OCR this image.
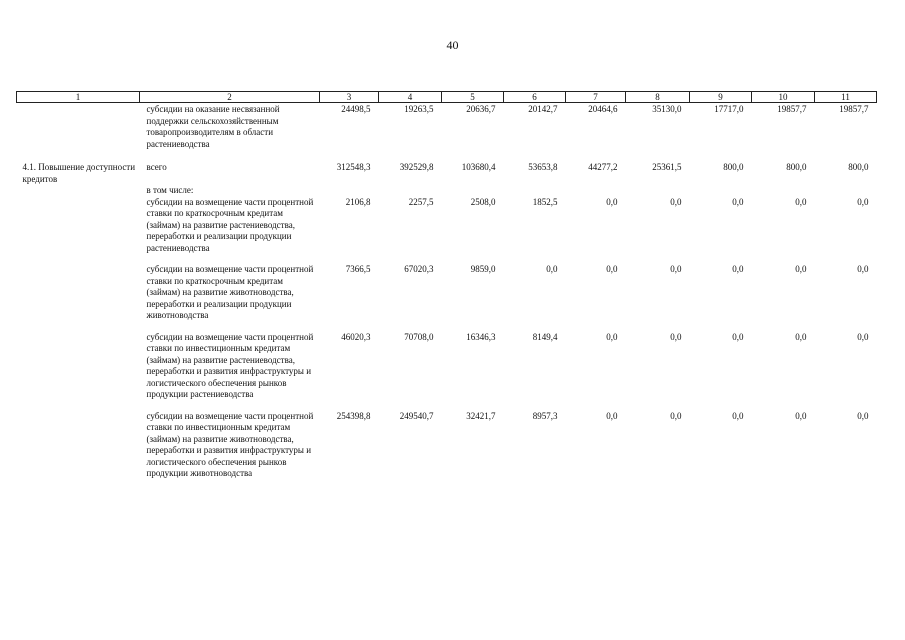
40
1	2	3	4	5	6	7	8	9	10	11
	субсидии на оказание несвязанной поддержки сельскохозяйственным товаропроизводителям в области растениеводства	24498,5	19263,5	20636,7	20142,7	20464,6	35130,0	17717,0	19857,7	19857,7

4.1. Повышение доступности кредитов	всего	312548,3	392529,8	103680,4	53653,8	44277,2	25361,5	800,0	800,0	800,0
	в том числе:									
	субсидии на возмещение части процентной ставки по краткосрочным кредитам (займам) на развитие растениеводства, переработки и реализации продукции растениеводства	2106,8	2257,5	2508,0	1852,5	0,0	0,0	0,0	0,0	0,0

	субсидии на возмещение части процентной ставки по краткосрочным кредитам (займам) на развитие животноводства, переработки и реализации продукции животноводства	7366,5	67020,3	9859,0	0,0	0,0	0,0	0,0	0,0	0,0

	субсидии на возмещение части процентной ставки по инвестиционным кредитам (займам) на развитие растениеводства, переработки и развития инфраструктуры и логистического обеспечения рынков продукции растениеводства	46020,3	70708,0	16346,3	8149,4	0,0	0,0	0,0	0,0	0,0

	субсидии на возмещение части процентной ставки по инвестиционным кредитам (займам) на развитие животноводства, переработки и развития инфраструктуры и логистического обеспечения рынков продукции животноводства	254398,8	249540,7	32421,7	8957,3	0,0	0,0	0,0	0,0	0,0
